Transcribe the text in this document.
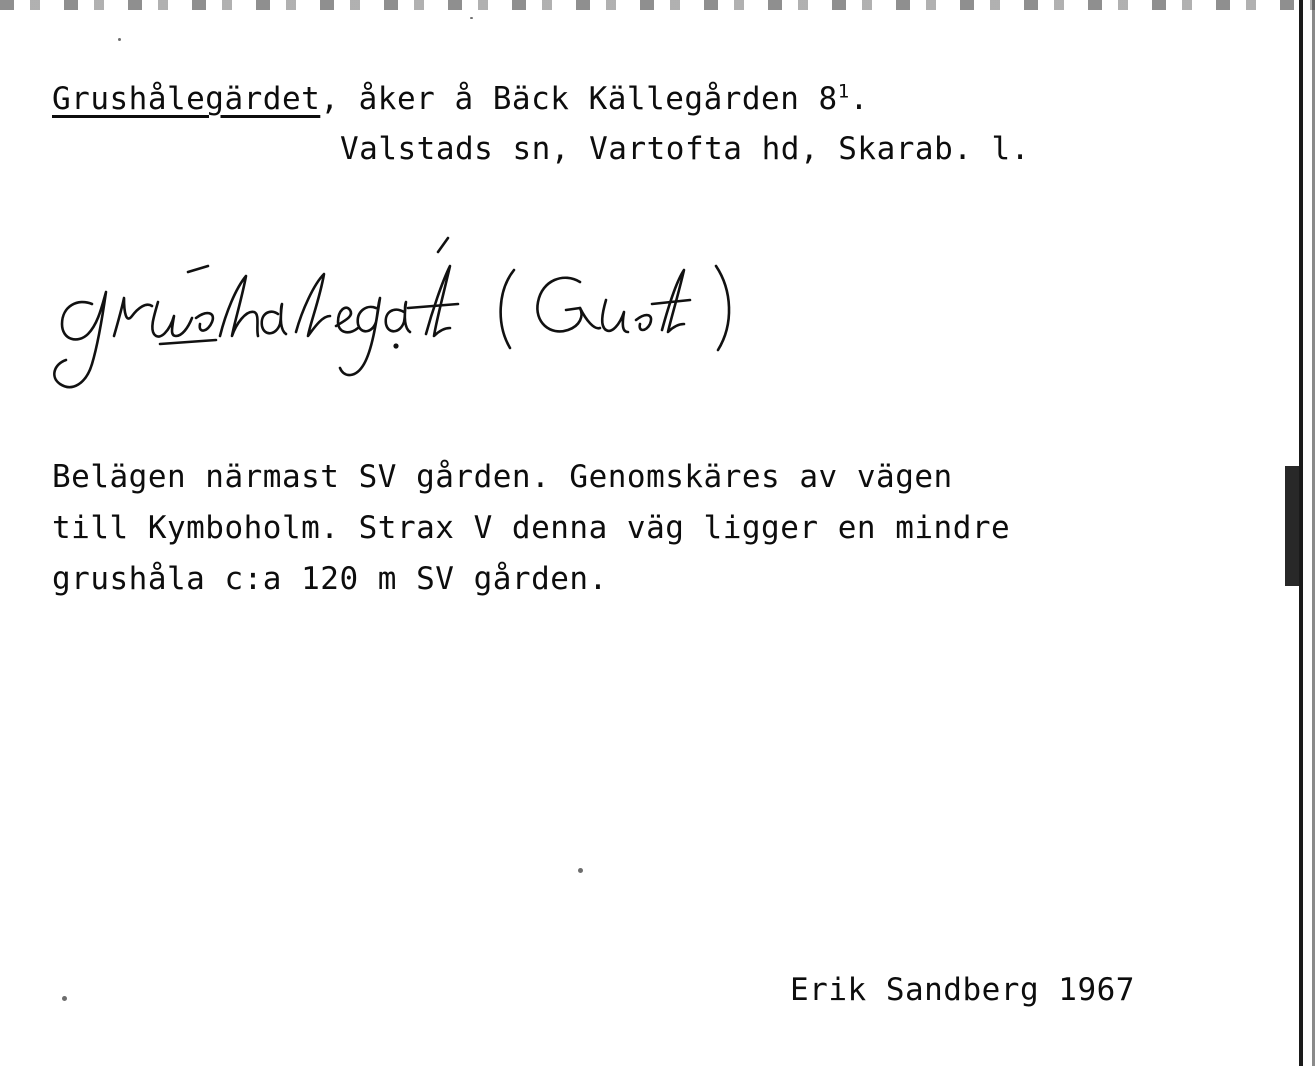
Grushålegärdet, åker å Bäck Källegården $8^1$.
Valstads sn, Vartofta hd, Skarab. l.
Belägen närmast SV gården. Genomskäres av vägen
till Kymboholm. Strax V denna väg ligger en mindre
grushåla c:a 120 m SV gården.
Erik Sandberg 1967
